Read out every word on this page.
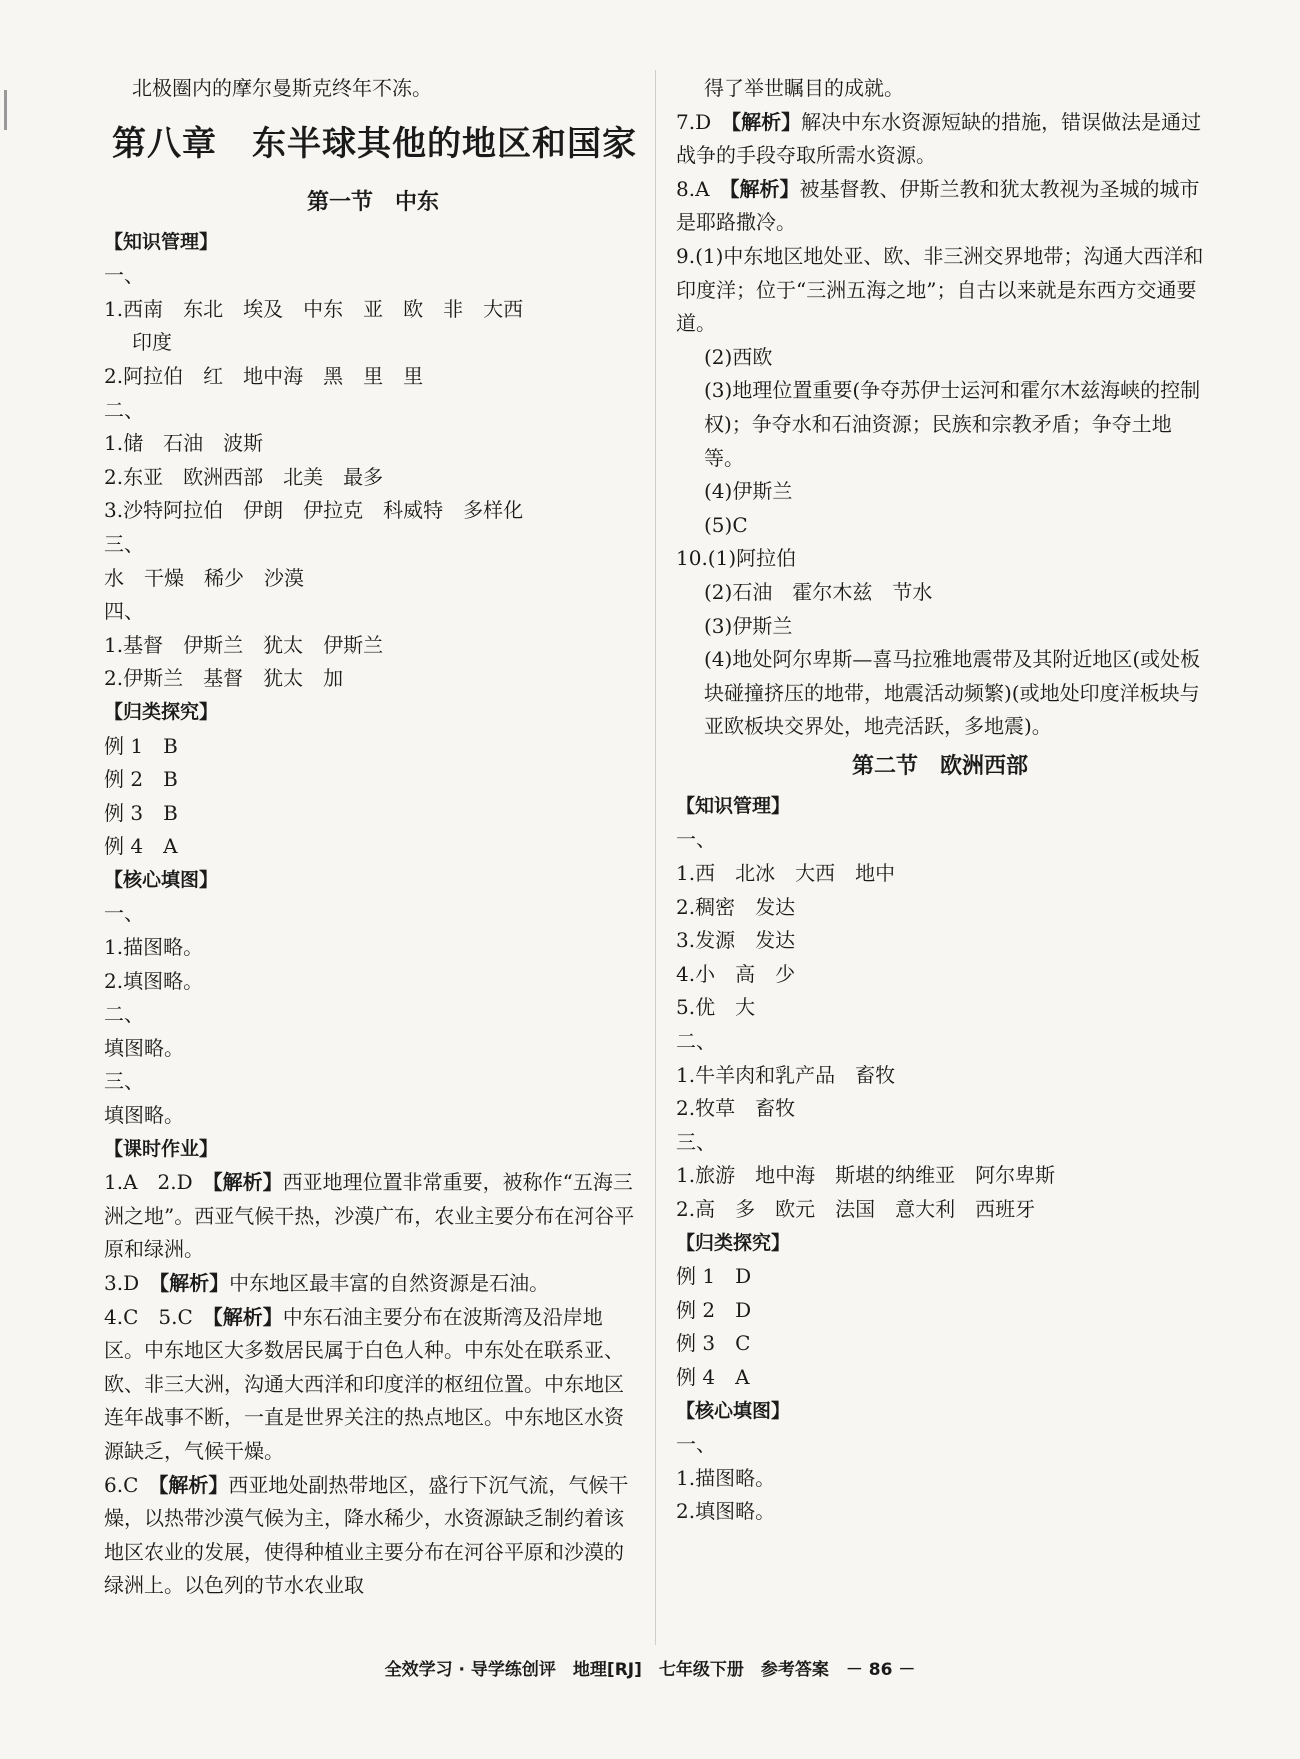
北极圈内的摩尔曼斯克终年不冻。
第八章　东半球其他的地区和国家
第一节　中东
【知识管理】
一、
1.西南　东北　埃及　中东　亚　欧　非　大西
印度
2.阿拉伯　红　地中海　黑　里　里
二、
1.储　石油　波斯
2.东亚　欧洲西部　北美　最多
3.沙特阿拉伯　伊朗　伊拉克　科威特　多样化
三、
水　干燥　稀少　沙漠
四、
1.基督　伊斯兰　犹太　伊斯兰
2.伊斯兰　基督　犹太　加
【归类探究】
例 1　B
例 2　B
例 3　B
例 4　A
【核心填图】
一、
1.描图略。
2.填图略。
二、
填图略。
三、
填图略。
【课时作业】
1.A　2.D　【解析】西亚地理位置非常重要，被称作“五海三洲之地”。西亚气候干热，沙漠广布，农业主要分布在河谷平原和绿洲。
3.D　【解析】中东地区最丰富的自然资源是石油。
4.C　5.C　【解析】中东石油主要分布在波斯湾及沿岸地区。中东地区大多数居民属于白色人种。中东处在联系亚、欧、非三大洲，沟通大西洋和印度洋的枢纽位置。中东地区连年战事不断，一直是世界关注的热点地区。中东地区水资源缺乏，气候干燥。
6.C　【解析】西亚地处副热带地区，盛行下沉气流，气候干燥，以热带沙漠气候为主，降水稀少，水资源缺乏制约着该地区农业的发展，使得种植业主要分布在河谷平原和沙漠的绿洲上。以色列的节水农业取
得了举世瞩目的成就。
7.D　【解析】解决中东水资源短缺的措施，错误做法是通过战争的手段夺取所需水资源。
8.A　【解析】被基督教、伊斯兰教和犹太教视为圣城的城市是耶路撒冷。
9.(1)中东地区地处亚、欧、非三洲交界地带；沟通大西洋和印度洋；位于“三洲五海之地”；自古以来就是东西方交通要道。
(2)西欧
(3)地理位置重要(争夺苏伊士运河和霍尔木兹海峡的控制权)；争夺水和石油资源；民族和宗教矛盾；争夺土地等。
(4)伊斯兰
(5)C
10.(1)阿拉伯
(2)石油　霍尔木兹　节水
(3)伊斯兰
(4)地处阿尔卑斯—喜马拉雅地震带及其附近地区(或处板块碰撞挤压的地带，地震活动频繁)(或地处印度洋板块与亚欧板块交界处，地壳活跃，多地震)。
第二节　欧洲西部
【知识管理】
一、
1.西　北冰　大西　地中
2.稠密　发达
3.发源　发达
4.小　高　少
5.优　大
二、
1.牛羊肉和乳产品　畜牧
2.牧草　畜牧
三、
1.旅游　地中海　斯堪的纳维亚　阿尔卑斯
2.高　多　欧元　法国　意大利　西班牙
【归类探究】
例 1　D
例 2　D
例 3　C
例 4　A
【核心填图】
一、
1.描图略。
2.填图略。
全效学习 · 导学练创评　地理[RJ]　七年级下册　参考答案　 － 86 －
